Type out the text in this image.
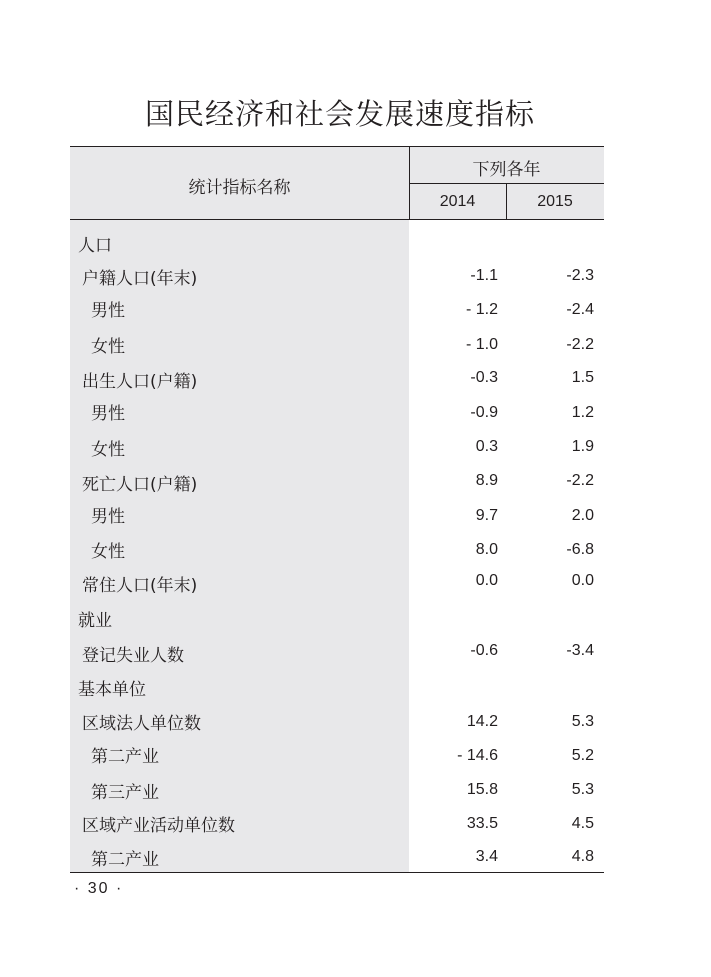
国民经济和社会发展速度指标
统计指标名称
下列各年
2014	2015
人口
户籍人口(年末)	-1.1	-2.3
男性	- 1.2	-2.4
女性	- 1.0	-2.2
出生人口(户籍)	-0.3	1.5
男性	-0.9	1.2
女性	0.3	1.9
死亡人口(户籍)	8.9	-2.2
男性	9.7	2.0
女性	8.0	-6.8
常住人口(年末)	0.0	0.0
就业
登记失业人数	-0.6	-3.4
基本单位
区域法人单位数	14.2	5.3
第二产业	- 14.6	5.2
第三产业	15.8	5.3
区域产业活动单位数	33.5	4.5
第二产业	3.4	4.8
· 30 ·
